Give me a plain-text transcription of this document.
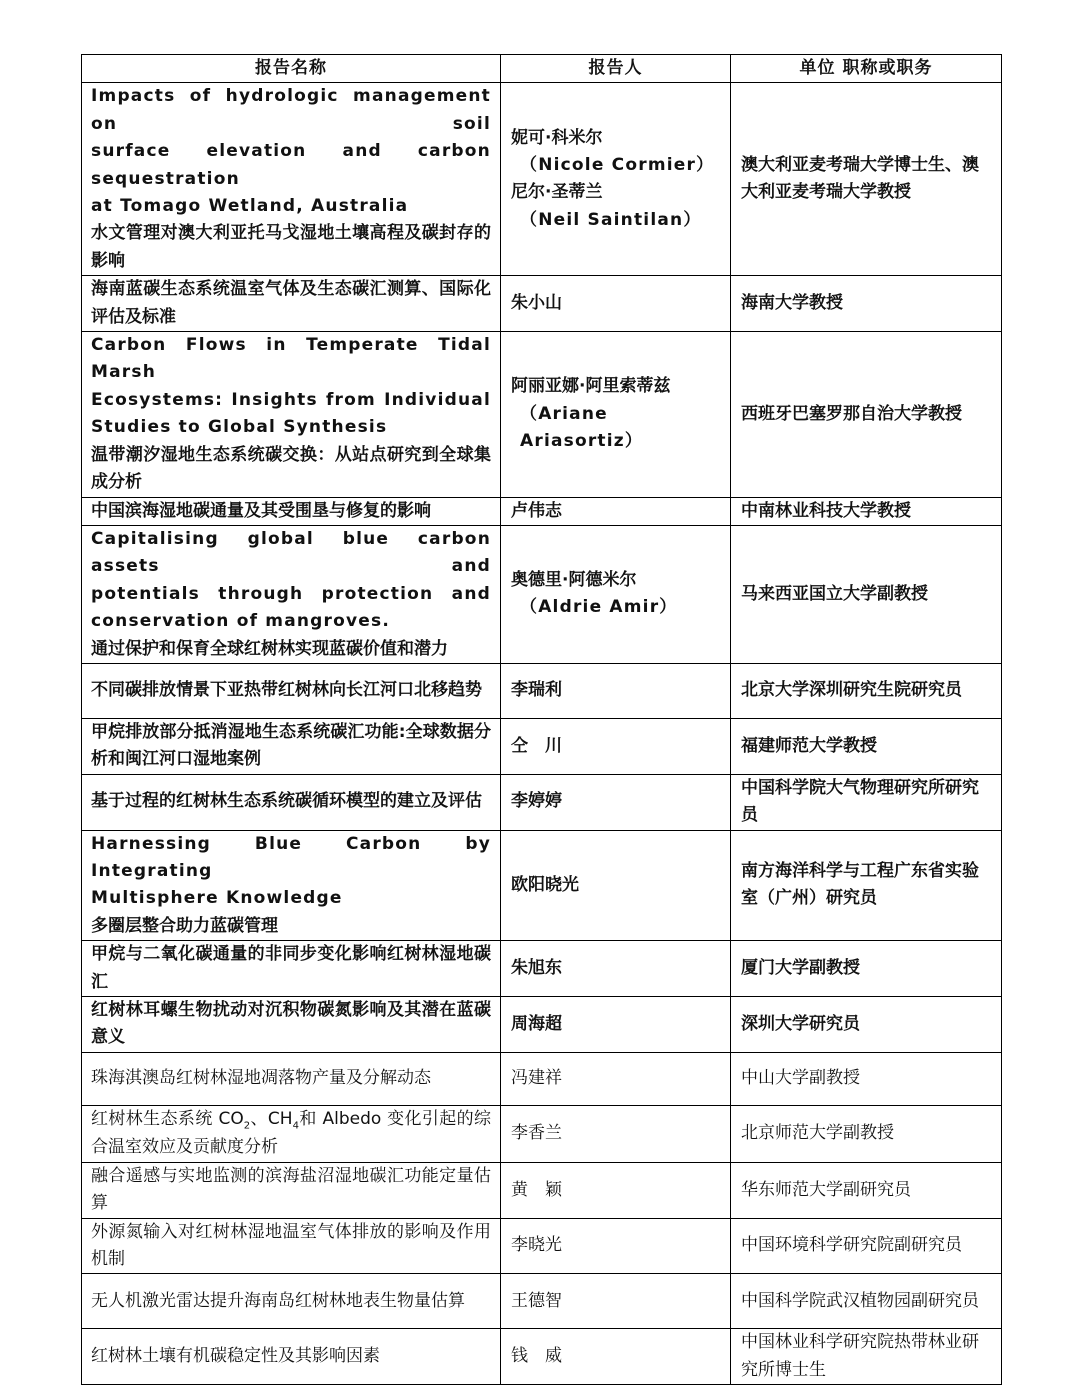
报告名称	报告人	单位 职称或职务

Impacts of hydrologic management on soil
surface elevation and carbon sequestration
at Tomago Wetland, Australia
水文管理对澳大利亚托马戈湿地土壤高程及碳封存的影响	妮可·科米尔
（Nicole Cormier）
尼尔·圣蒂兰
（Neil Saintilan）	澳大利亚麦考瑞大学博士生、澳大利亚麦考瑞大学教授

海南蓝碳生态系统温室气体及生态碳汇测算、国际化评估及标准	朱小山	海南大学教授

Carbon Flows in Temperate Tidal Marsh
Ecosystems: Insights from Individual
Studies to Global Synthesis
温带潮汐湿地生态系统碳交换：从站点研究到全球集成分析	阿丽亚娜·阿里索蒂兹
（Ariane Ariasortiz）	西班牙巴塞罗那自治大学教授

中国滨海湿地碳通量及其受围垦与修复的影响	卢伟志	中南林业科技大学教授

Capitalising global blue carbon assets and
potentials through protection and
conservation of mangroves.
通过保护和保育全球红树林实现蓝碳价值和潜力	奥德里·阿德米尔
（Aldrie Amir）	马来西亚国立大学副教授

不同碳排放情景下亚热带红树林向长江河口北移趋势	李瑞利	北京大学深圳研究生院研究员

甲烷排放部分抵消湿地生态系统碳汇功能:全球数据分析和闽江河口湿地案例	仝　川	福建师范大学教授

基于过程的红树林生态系统碳循环模型的建立及评估	李婷婷	中国科学院大气物理研究所研究员

Harnessing Blue Carbon by Integrating
Multisphere Knowledge
多圈层整合助力蓝碳管理	欧阳晓光	南方海洋科学与工程广东省实验室（广州）研究员

甲烷与二氧化碳通量的非同步变化影响红树林湿地碳汇	朱旭东	厦门大学副教授

红树林耳螺生物扰动对沉积物碳氮影响及其潜在蓝碳意义	周海超	深圳大学研究员

珠海淇澳岛红树林湿地凋落物产量及分解动态	冯建祥	中山大学副教授

红树林生态系统 $CO_2$、$CH_4$和 Albedo 变化引起的综合温室效应及贡献度分析	李香兰	北京师范大学副教授

融合遥感与实地监测的滨海盐沼湿地碳汇功能定量估算	黄　颖	华东师范大学副研究员

外源氮输入对红树林湿地温室气体排放的影响及作用机制	李晓光	中国环境科学研究院副研究员

无人机激光雷达提升海南岛红树林地表生物量估算	王德智	中国科学院武汉植物园副研究员

红树林土壤有机碳稳定性及其影响因素	钱　威	中国林业科学研究院热带林业研究所博士生
